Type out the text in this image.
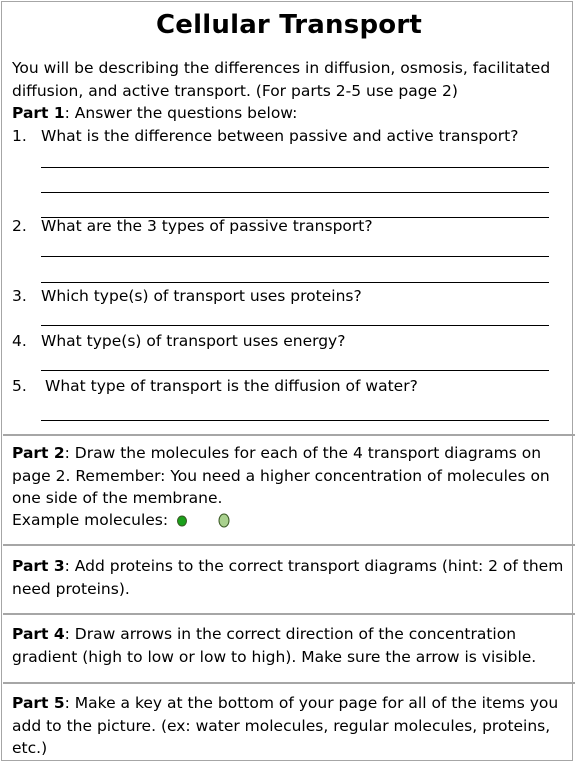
Cellular Transport
You will be describing the differences in diffusion, osmosis, facilitated diffusion, and active transport. (For parts 2-5 use page 2)
Part 1: Answer the questions below:
1. What is the difference between passive and active transport?
2. What are the 3 types of passive transport?
3. Which type(s) of transport uses proteins?
4. What type(s) of transport uses energy?
5. What type of transport is the diffusion of water?
Part 2: Draw the molecules for each of the 4 transport diagrams on page 2. Remember: You need a higher concentration of molecules on one side of the membrane.
Example molecules:
Part 3: Add proteins to the correct transport diagrams (hint: 2 of them need proteins).
Part 4: Draw arrows in the correct direction of the concentration gradient (high to low or low to high). Make sure the arrow is visible.
Part 5: Make a key at the bottom of your page for all of the items you add to the picture. (ex: water molecules, regular molecules, proteins, etc.)
